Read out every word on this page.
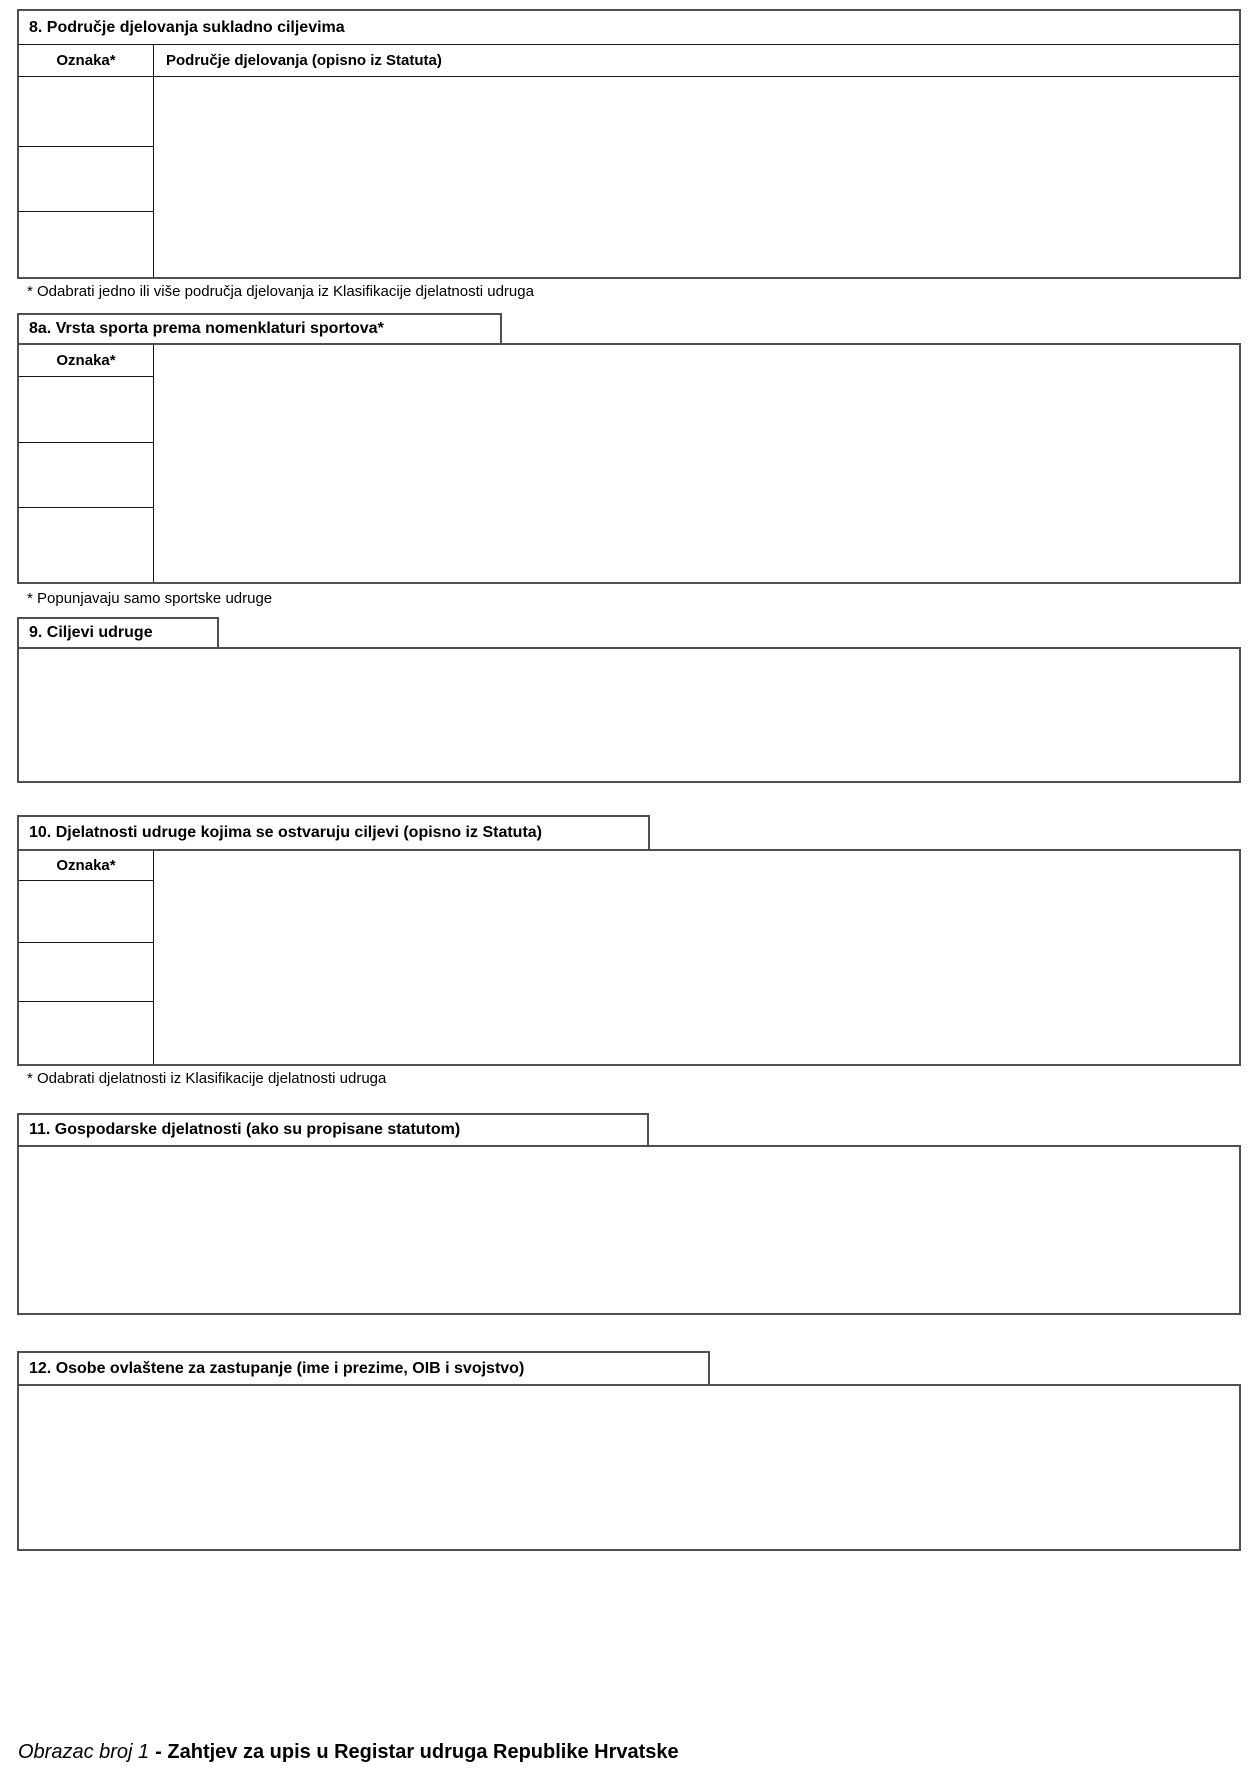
8. Područje djelovanja sukladno ciljevima
Oznaka*	Područje djelovanja (opisno iz Statuta)
* Odabrati jedno ili više područja djelovanja iz Klasifikacije djelatnosti udruga
8a. Vrsta sporta prema nomenklaturi sportova*
Oznaka*
* Popunjavaju samo sportske udruge
9. Ciljevi udruge
10. Djelatnosti udruge kojima se ostvaruju ciljevi (opisno iz Statuta)
Oznaka*
* Odabrati djelatnosti iz Klasifikacije djelatnosti udruga
11. Gospodarske djelatnosti (ako su propisane statutom)
12. Osobe ovlaštene za zastupanje (ime i prezime, OIB i svojstvo)
Obrazac broj 1 - Zahtjev za upis u Registar udruga Republike Hrvatske
